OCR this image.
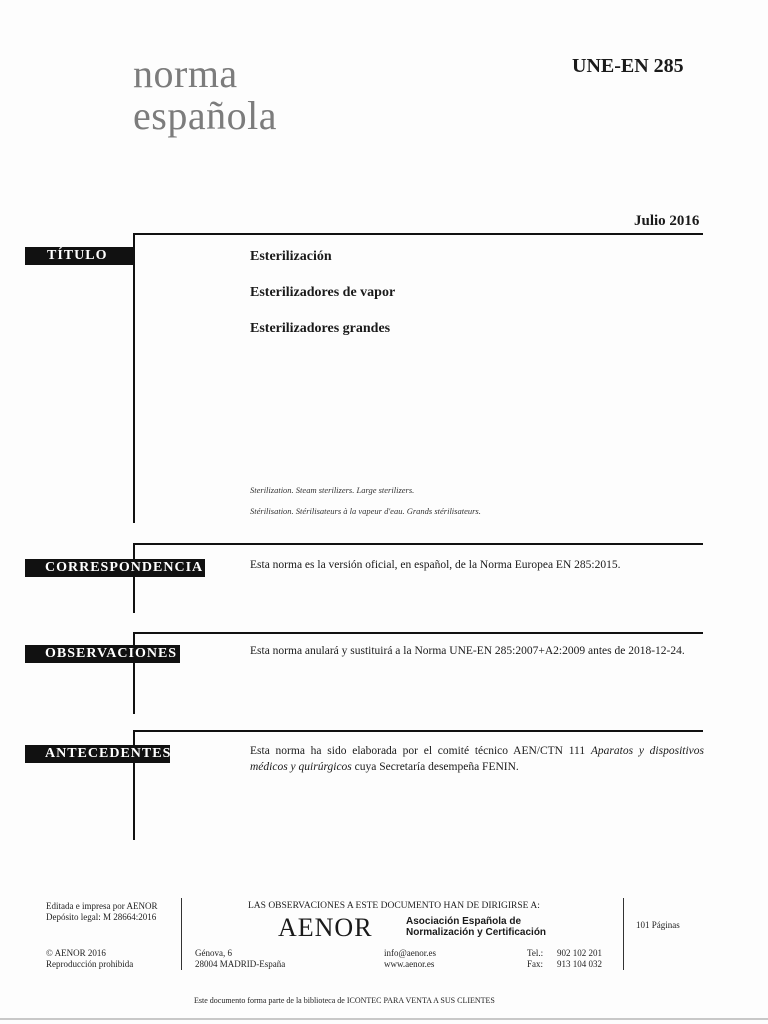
norma
española
UNE-EN 285
Julio 2016
TÍTULO	Esterilización
Esterilizadores de vapor
Esterilizadores grandes
Sterilization. Steam sterilizers. Large sterilizers.
Stérilisation. Stérilisateurs à la vapeur d'eau. Grands stérilisateurs.
CORRESPONDENCIA	Esta norma es la versión oficial, en español, de la Norma Europea EN 285:2015.
OBSERVACIONES	Esta norma anulará y sustituirá a la Norma UNE-EN 285:2007+A2:2009 antes de 2018-12-24.
ANTECEDENTES	Esta norma ha sido elaborada por el comité técnico AEN/CTN 111 Aparatos y dispositivos médicos y quirúrgicos cuya Secretaría desempeña FENIN.
Editada e impresa por AENOR
Depósito legal: M 28664:2016
© AENOR 2016
Reproducción prohibida
LAS OBSERVACIONES A ESTE DOCUMENTO HAN DE DIRIGIRSE A:
AENOR	Asociación Española de
Normalización y Certificación
Génova, 6
28004 MADRID-España
info@aenor.es
www.aenor.es
Tel.: 902 102 201
Fax: 913 104 032
101 Páginas
Este documento forma parte de la biblioteca de ICONTEC PARA VENTA A SUS CLIENTES
